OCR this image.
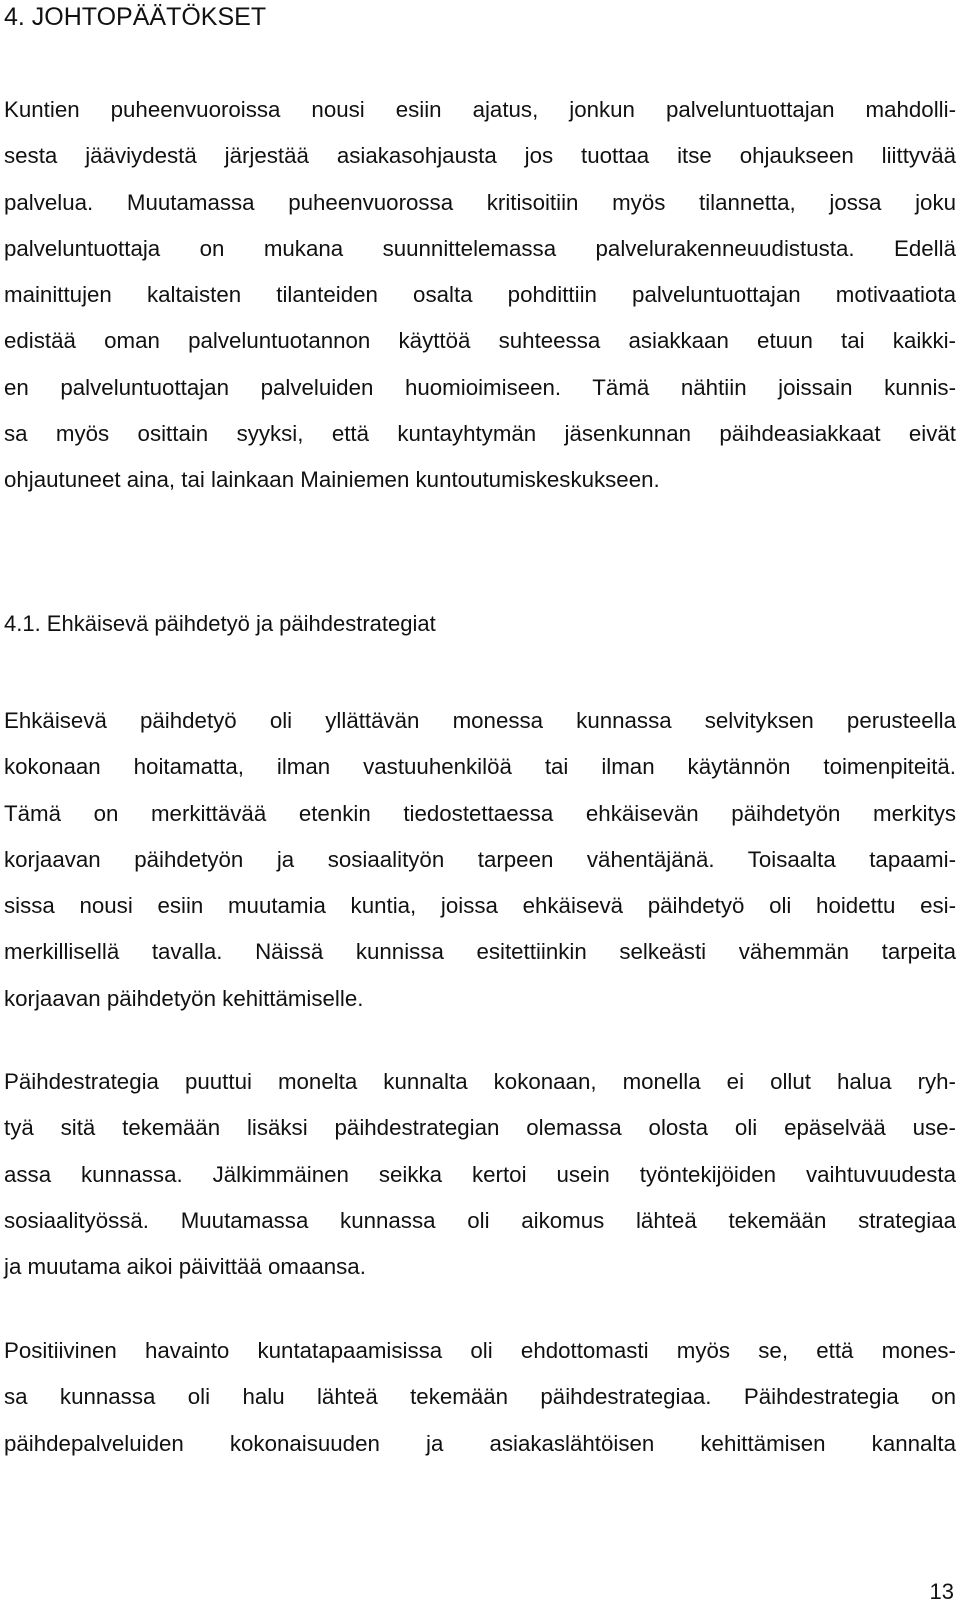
4. JOHTOPÄÄTÖKSET
Kuntien puheenvuoroissa nousi esiin ajatus, jonkun palveluntuottajan mahdolli-
sesta jääviydestä järjestää asiakasohjausta jos tuottaa itse ohjaukseen liittyvää
palvelua. Muutamassa puheenvuorossa kritisoitiin myös tilannetta, jossa joku
palveluntuottaja on mukana suunnittelemassa palvelurakenneuudistusta. Edellä
mainittujen kaltaisten tilanteiden osalta pohdittiin palveluntuottajan motivaatiota
edistää oman palveluntuotannon käyttöä suhteessa asiakkaan etuun tai kaikki-
en palveluntuottajan palveluiden huomioimiseen. Tämä nähtiin joissain kunnis-
sa myös osittain syyksi, että kuntayhtymän jäsenkunnan päihdeasiakkaat eivät
ohjautuneet aina, tai lainkaan Mainiemen kuntoutumiskeskukseen.
4.1. Ehkäisevä päihdetyö ja päihdestrategiat
Ehkäisevä päihdetyö oli yllättävän monessa kunnassa selvityksen perusteella
kokonaan hoitamatta, ilman vastuuhenkilöä tai ilman käytännön toimenpiteitä.
Tämä on merkittävää etenkin tiedostettaessa ehkäisevän päihdetyön merkitys
korjaavan päihdetyön ja sosiaalityön tarpeen vähentäjänä. Toisaalta tapaami-
sissa nousi esiin muutamia kuntia, joissa ehkäisevä päihdetyö oli hoidettu esi-
merkillisellä tavalla. Näissä kunnissa esitettiinkin selkeästi vähemmän tarpeita
korjaavan päihdetyön kehittämiselle.
Päihdestrategia puuttui monelta kunnalta kokonaan, monella ei ollut halua ryh-
tyä sitä tekemään lisäksi päihdestrategian olemassa olosta oli epäselvää use-
assa kunnassa. Jälkimmäinen seikka kertoi usein työntekijöiden vaihtuvuudesta
sosiaalityössä. Muutamassa kunnassa oli aikomus lähteä tekemään strategiaa
ja muutama aikoi päivittää omaansa.
Positiivinen havainto kuntatapaamisissa oli ehdottomasti myös se, että mones-
sa kunnassa oli halu lähteä tekemään päihdestrategiaa. Päihdestrategia on
päihdepalveluiden kokonaisuuden ja asiakaslähtöisen kehittämisen kannalta
13
